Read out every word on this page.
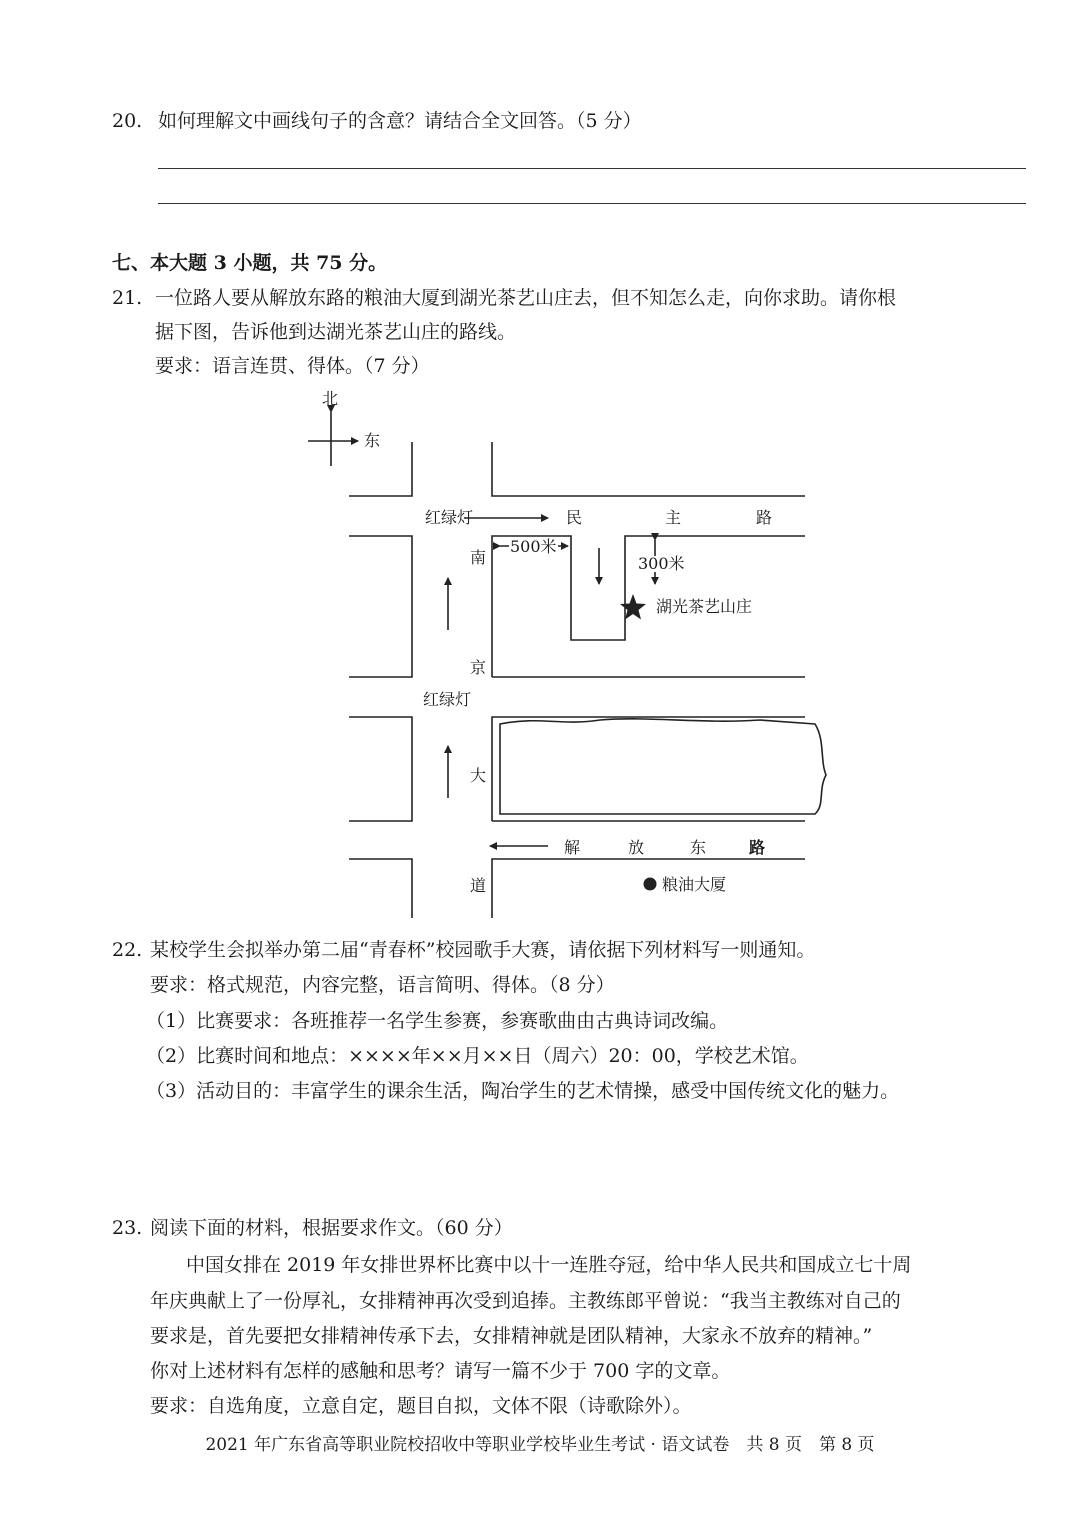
20. 如何理解文中画线句子的含意？请结合全文回答。（5 分）
七、本大题 3 小题，共 75 分。
21. 一位路人要从解放东路的粮油大厦到湖光茶艺山庄去，但不知怎么走，向你求助。请你根
据下图，告诉他到达湖光茶艺山庄的路线。
要求：语言连贯、得体。（7 分）
北
东
红绿灯	民	主	路
南
500米
300米
湖光茶艺山庄
京
红绿灯
大
解	放	东	路
道	粮油大厦
22. 某校学生会拟举办第二届“青春杯”校园歌手大赛，请依据下列材料写一则通知。
要求：格式规范，内容完整，语言简明、得体。（8 分）
（1）比赛要求：各班推荐一名学生参赛，参赛歌曲由古典诗词改编。
（2）比赛时间和地点：××××年××月××日（周六）20：00，学校艺术馆。
（3）活动目的：丰富学生的课余生活，陶冶学生的艺术情操，感受中国传统文化的魅力。
23. 阅读下面的材料，根据要求作文。（60 分）
中国女排在 2019 年女排世界杯比赛中以十一连胜夺冠，给中华人民共和国成立七十周
年庆典献上了一份厚礼，女排精神再次受到追捧。主教练郎平曾说：“我当主教练对自己的
要求是，首先要把女排精神传承下去，女排精神就是团队精神，大家永不放弃的精神。”
你对上述材料有怎样的感触和思考？请写一篇不少于 700 字的文章。
要求：自选角度，立意自定，题目自拟，文体不限（诗歌除外）。
2021 年广东省高等职业院校招收中等职业学校毕业生考试 · 语文试卷　共 8 页　第 8 页
